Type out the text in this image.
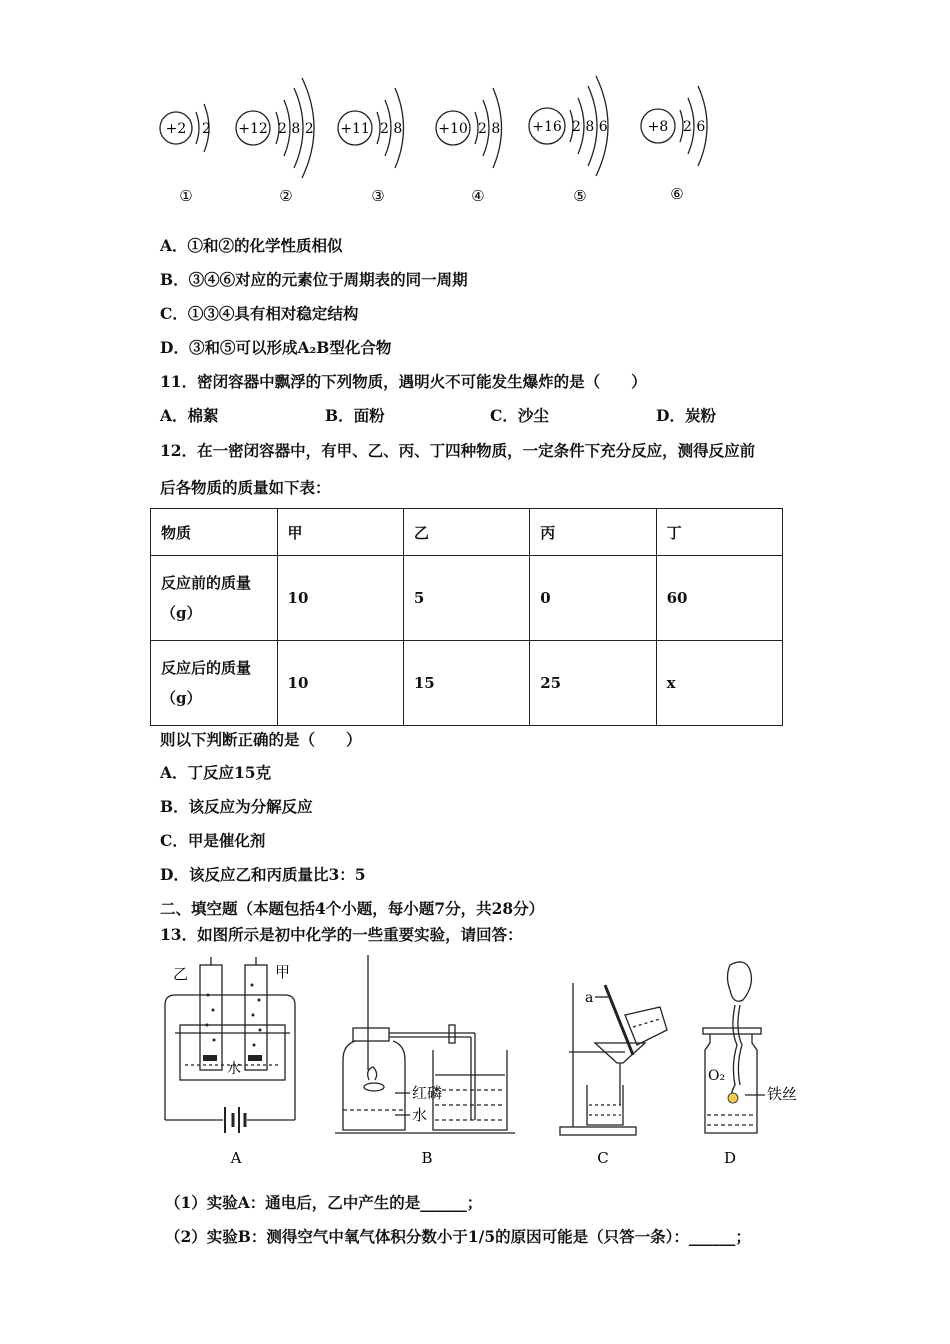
+2 2
①
+12 2 8 2
②
+11 2 8
③
+10 2 8
④
+16 2 8 6
⑤
+8 2 6
⑥
A．①和②的化学性质相似
B．③④⑥对应的元素位于周期表的同一周期
C．①③④具有相对稳定结构
D．③和⑤可以形成A₂B型化合物
11．密闭容器中飘浮的下列物质，遇明火不可能发生爆炸的是（　　）
A．棉絮	B．面粉	C．沙尘	D．炭粉
12．在一密闭容器中，有甲、乙、丙、丁四种物质，一定条件下充分反应，测得反应前
后各物质的质量如下表：
物质	甲	乙	丙	丁

反应前的质量
（g）	10	5	0	60

反应后的质量
（g）	10	15	25	x
则以下判断正确的是（　　）
A．丁反应15克
B．该反应为分解反应
C．甲是催化剂
D．该反应乙和丙质量比3：5
二、填空题（本题包括4个小题，每小题7分，共28分）
13．如图所示是初中化学的一些重要实验，请回答：
乙	甲
水
A
红磷
水
B
a
C
O₂
铁丝
D
（1）实验A：通电后，乙中产生的是______；
（2）实验B：测得空气中氧气体积分数小于1/5的原因可能是（只答一条）：______；
